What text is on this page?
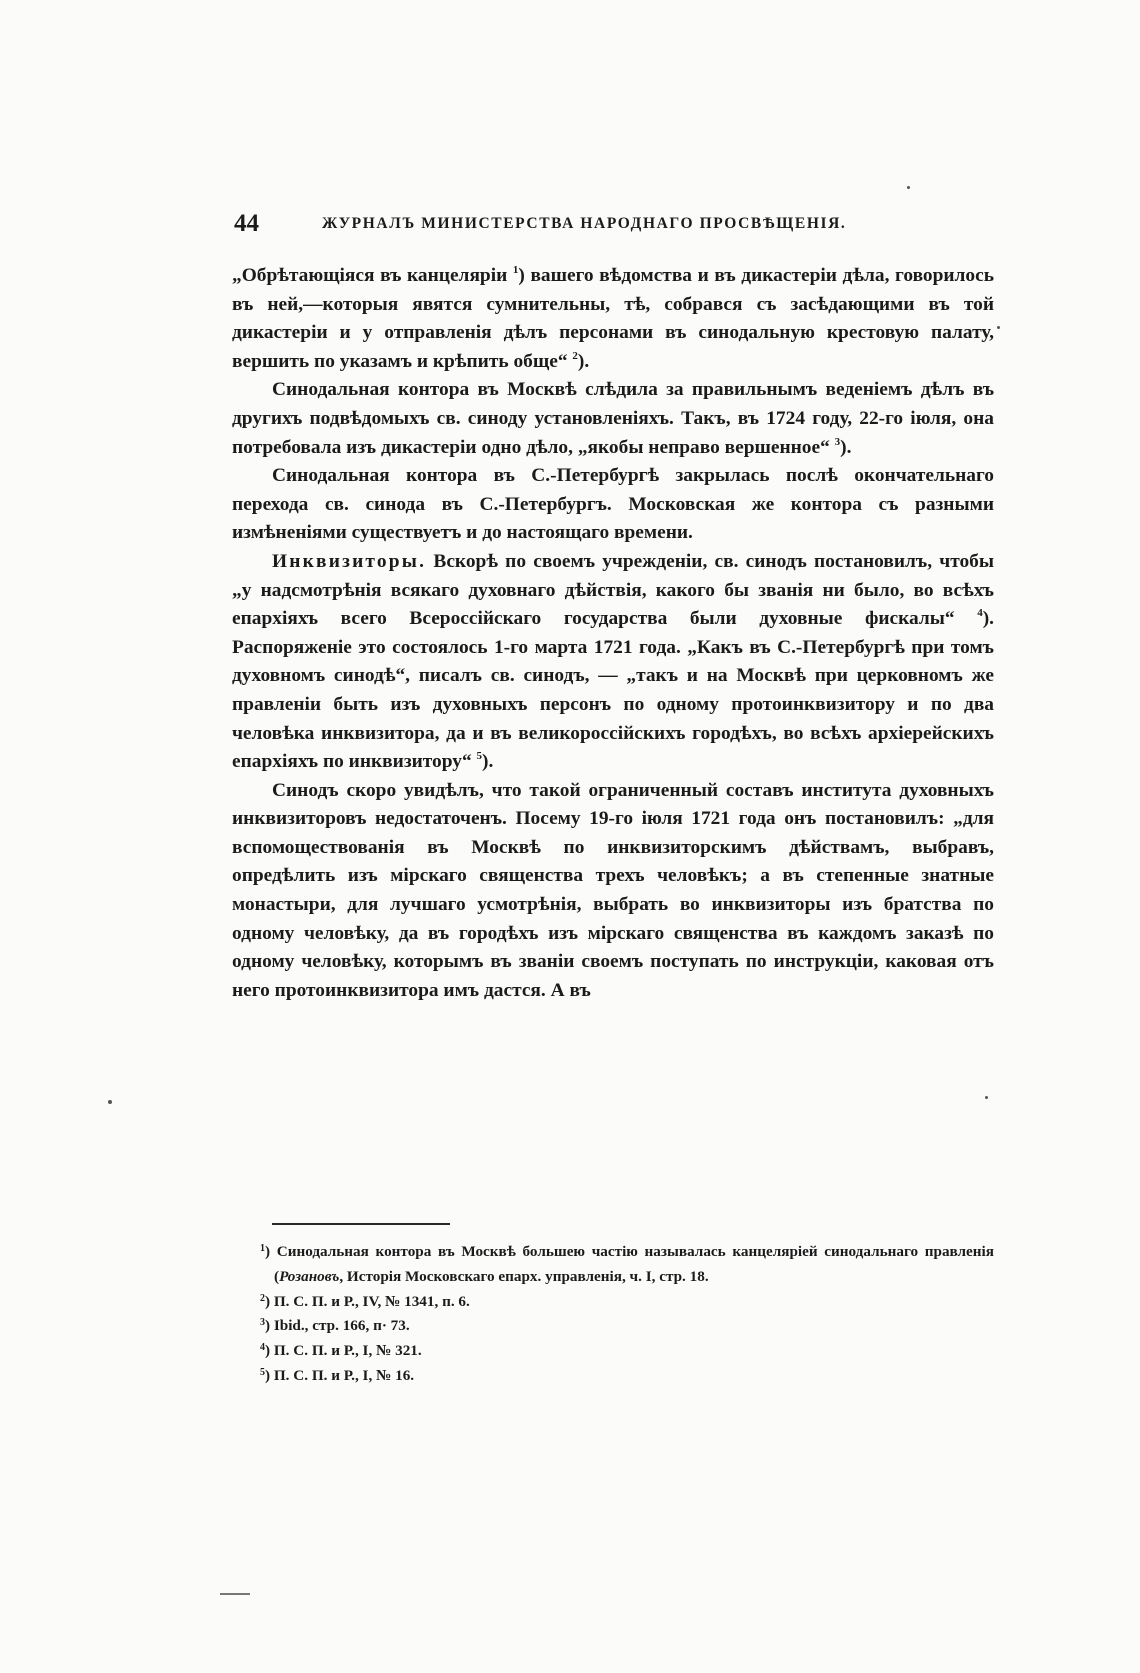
44	ЖУРНАЛЪ МИНИСТЕРСТВА НАРОДНАГО ПРОСВѢЩЕНІЯ.

„Обрѣтающіяся въ канцеляріи $^1$) вашего вѣдомства и въ дикастеріи дѣла, говорилось въ ней,—которыя явятся сумнительны, тѣ, собрався съ засѣдающими въ той дикастеріи и у отправленія дѣлъ персонами въ синодальную крестовую палату, вершить по указамъ и крѣпить обще“ $^2$).

Синодальная контора въ Москвѣ слѣдила за правильнымъ веденіемъ дѣлъ въ другихъ подвѣдомыхъ св. синоду установленіяхъ. Такъ, въ 1724 году, 22-го іюля, она потребовала изъ дикастеріи одно дѣло, „якобы неправо вершенное“ $^3$).

Синодальная контора въ С.-Петербургѣ закрылась послѣ окончательнаго перехода св. синода въ С.-Петербургъ. Московская же контора съ разными измѣненіями существуетъ и до настоящаго времени.

Инквизиторы. Вскорѣ по своемъ учрежденіи, св. синодъ постановилъ, чтобы „у надсмотрѣнія всякаго духовнаго дѣйствія, какого бы званія ни было, во всѣхъ епархіяхъ всего Всероссійскаго государства были духовные фискалы“ $^4$). Распоряженіе это состоялось 1-го марта 1721 года. „Какъ въ С.-Петербургѣ при томъ духовномъ синодѣ“, писалъ св. синодъ, — „такъ и на Москвѣ при церковномъ же правленіи быть изъ духовныхъ персонъ по одному протоинквизитору и по два человѣка инквизитора, да и въ великороссійскихъ городѣхъ, во всѣхъ архіерейскихъ епархіяхъ по инквизитору“ $^5$).

Синодъ скоро увидѣлъ, что такой ограниченный составъ института духовныхъ инквизиторовъ недостаточенъ. Посему 19-го іюля 1721 года онъ постановилъ: „для вспомоществованія въ Москвѣ по инквизиторскимъ дѣйствамъ, выбравъ, опредѣлить изъ мірскаго священства трехъ человѣкъ; а въ степенные знатные монастыри, для лучшаго усмотрѣнія, выбрать во инквизиторы изъ братства по одному человѣку, да въ городѣхъ изъ мірскаго священства въ каждомъ заказѣ по одному человѣку, которымъ въ званіи своемъ поступать по инструкціи, каковая отъ него протоинквизитора имъ дастся. А въ

$^1$) Синодальная контора въ Москвѣ большею частію называлась канцеляріей синодальнаго правленія (Розановъ, Исторія Московскаго епарх. управленія, ч. I, стр. 18.

$^2$) П. С. П. и Р., IV, № 1341, п. 6.

$^3$) Ibid., стр. 166, п· 73.

$^4$) П. С. П. и Р., I, № 321.

$^5$) П. С. П. и Р., I, № 16.
